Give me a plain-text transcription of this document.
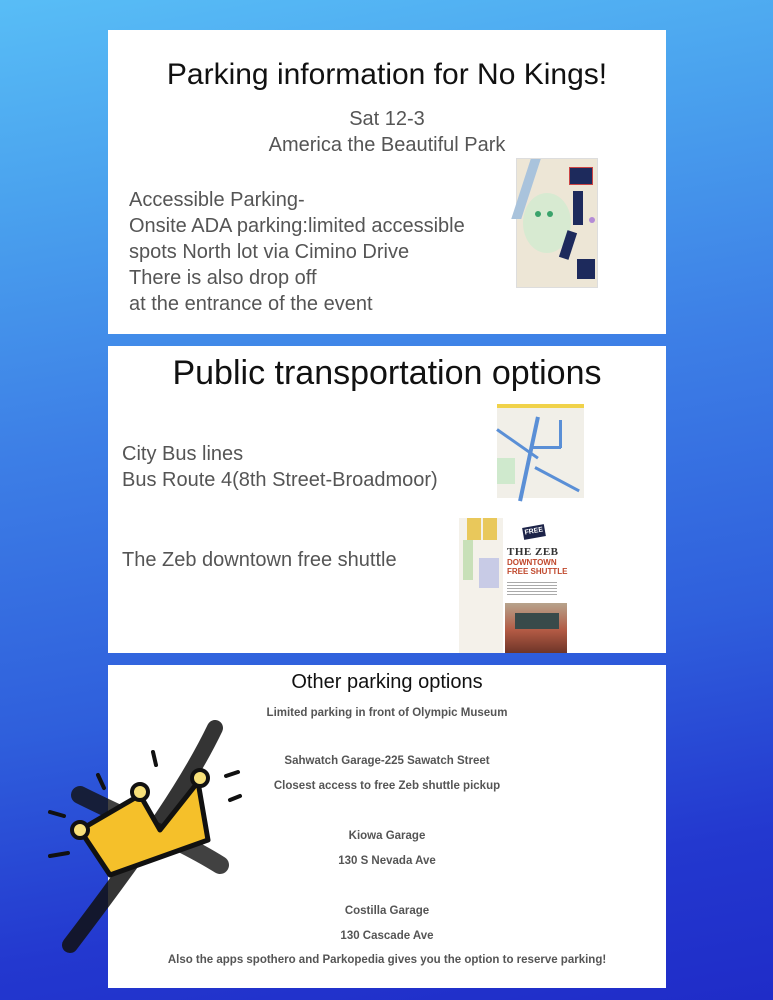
Parking information for No Kings!
Sat 12-3
America the Beautiful Park
Accessible Parking-
Onsite ADA parking:limited accessible
spots North lot via Cimino Drive
There is also drop off
at the entrance of the event
Public transportation options
City Bus lines
Bus Route 4(8th Street-Broadmoor)
The Zeb downtown free shuttle
FREE
THE ZEB
DOWNTOWN
FREE SHUTTLE
Other parking options
Limited parking in front of Olympic Museum
Sahwatch Garage-225 Sawatch Street
Closest access to free Zeb shuttle pickup
Kiowa Garage
130 S Nevada Ave
Costilla Garage
130 Cascade Ave
Also the apps spothero and Parkopedia gives you the option to reserve parking!
